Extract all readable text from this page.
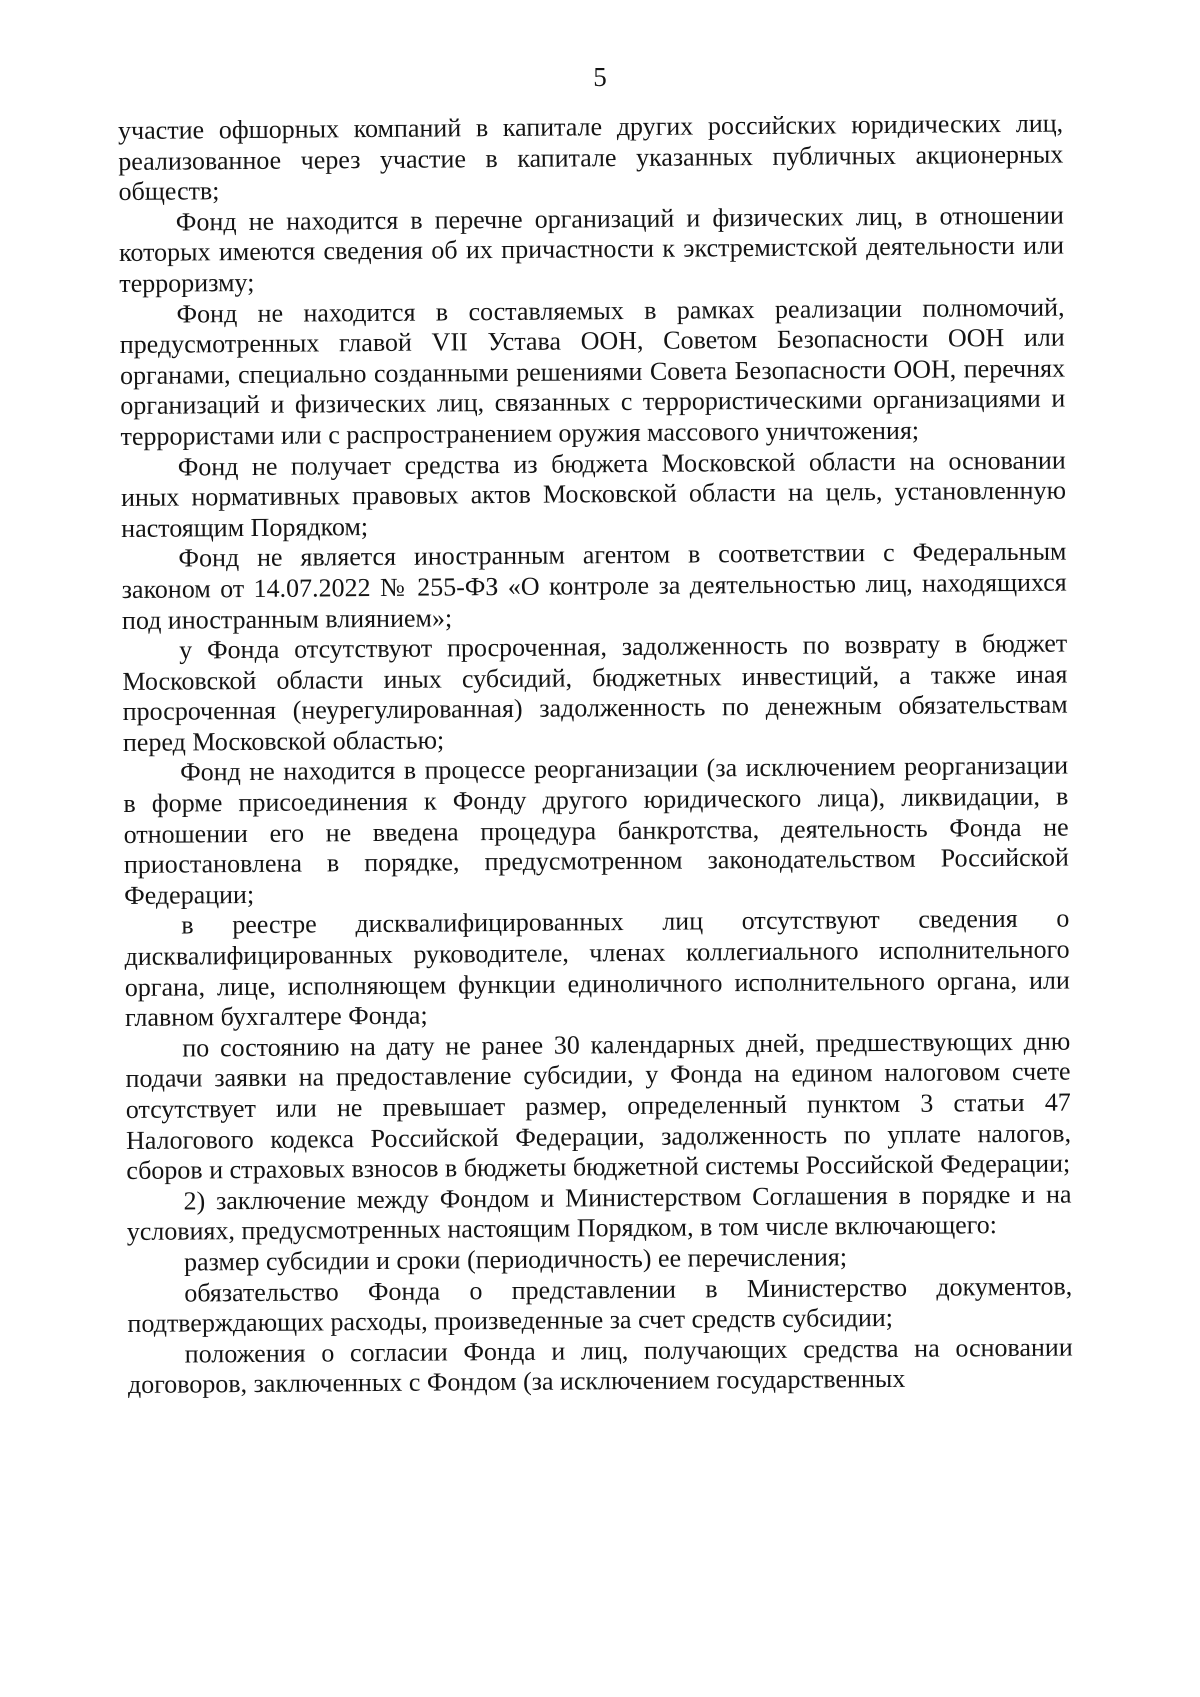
5

участие офшорных компаний в капитале других российских юридических лиц, реализованное через участие в капитале указанных публичных акционерных обществ;

Фонд не находится в перечне организаций и физических лиц, в отношении которых имеются сведения об их причастности к экстремистской деятельности или терроризму;

Фонд не находится в составляемых в рамках реализации полномочий, предусмотренных главой VII Устава ООН, Советом Безопасности ООН или органами, специально созданными решениями Совета Безопасности ООН, перечнях организаций и физических лиц, связанных с террористическими организациями и террористами или с распространением оружия массового уничтожения;

Фонд не получает средства из бюджета Московской области на основании иных нормативных правовых актов Московской области на цель, установленную настоящим Порядком;

Фонд не является иностранным агентом в соответствии с Федеральным законом от 14.07.2022 № 255-ФЗ «О контроле за деятельностью лиц, находящихся под иностранным влиянием»;

у Фонда отсутствуют просроченная, задолженность по возврату в бюджет Московской области иных субсидий, бюджетных инвестиций, а также иная просроченная (неурегулированная) задолженность по денежным обязательствам перед Московской областью;

Фонд не находится в процессе реорганизации (за исключением реорганизации в форме присоединения к Фонду другого юридического лица), ликвидации, в отношении его не введена процедура банкротства, деятельность Фонда не приостановлена в порядке, предусмотренном законодательством Российской Федерации;

в реестре дисквалифицированных лиц отсутствуют сведения о дисквалифицированных руководителе, членах коллегиального исполнительного органа, лице, исполняющем функции единоличного исполнительного органа, или главном бухгалтере Фонда;

по состоянию на дату не ранее 30 календарных дней, предшествующих дню подачи заявки на предоставление субсидии, у Фонда на едином налоговом счете отсутствует или не превышает размер, определенный пунктом 3 статьи 47 Налогового кодекса Российской Федерации, задолженность по уплате налогов, сборов и страховых взносов в бюджеты бюджетной системы Российской Федерации;

2) заключение между Фондом и Министерством Соглашения в порядке и на условиях, предусмотренных настоящим Порядком, в том числе включающего:

размер субсидии и сроки (периодичность) ее перечисления;

обязательство Фонда о представлении в Министерство документов, подтверждающих расходы, произведенные за счет средств субсидии;

положения о согласии Фонда и лиц, получающих средства на основании договоров, заключенных с Фондом (за исключением государственных
